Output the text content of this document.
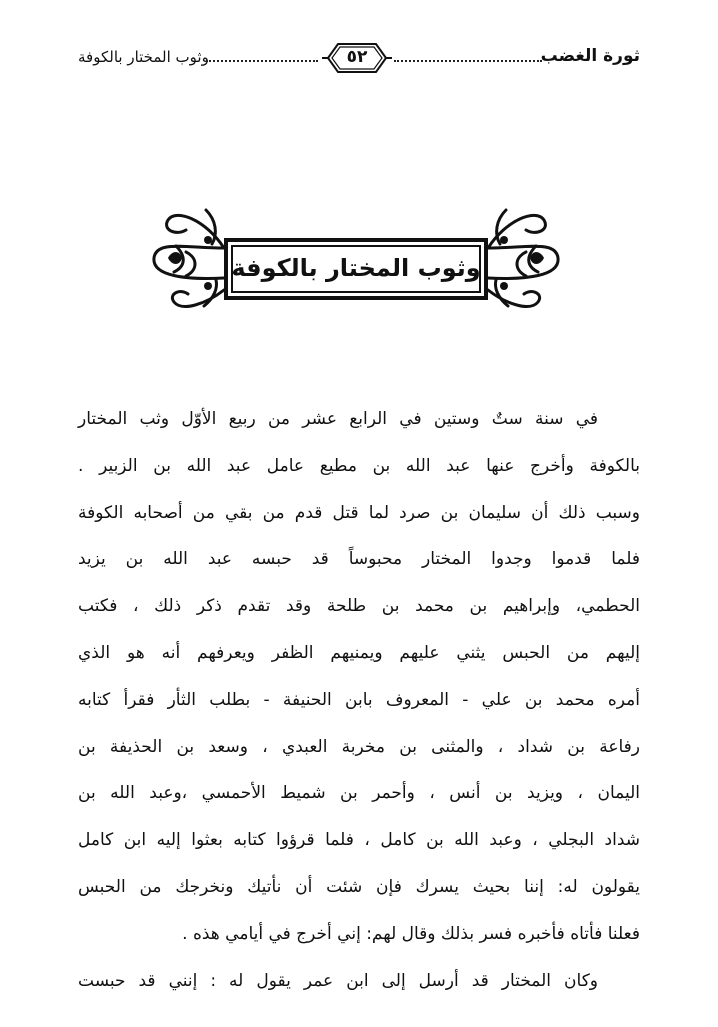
وثوب المختار بالكوفة	٥٢	ثورة الغضب
وثوب المختار بالكوفة
في سنة ستٌ وستين في الرابع عشر من ربيع الأوّل وثب المختار
بالكوفة وأخرج عنها عبد الله بن مطيع عامل عبد الله بن الزبير .
وسبب ذلك أن سليمان بن صرد لما قتل قدم من بقي من أصحابه الكوفة
فلما قدموا وجدوا المختار محبوساً قد حبسه عبد الله بن يزيد
الحطمي، وإبراهيم بن محمد بن طلحة وقد تقدم ذكر ذلك ، فكتب
إليهم من الحبس يثني عليهم ويمنيهم الظفر ويعرفهم أنه هو الذي
أمره محمد بن علي - المعروف بابن الحنيفة - بطلب الثأر فقرأ كتابه
رفاعة بن شداد ، والمثنى بن مخربة العبدي ، وسعد بن الحذيفة بن
اليمان ، ويزيد بن أنس ، وأحمر بن شميط الأحمسي ،وعبد الله بن
شداد البجلي ، وعبد الله بن كامل ، فلما قرؤوا كتابه بعثوا إليه ابن كامل
يقولون له: إننا بحيث يسرك فإن شئت أن نأتيك ونخرجك من الحبس
فعلنا فأتاه فأخبره فسر بذلك وقال لهم: إني أخرج في أيامي هذه .
وكان المختار قد أرسل إلى ابن عمر يقول له : إنني قد حبست
